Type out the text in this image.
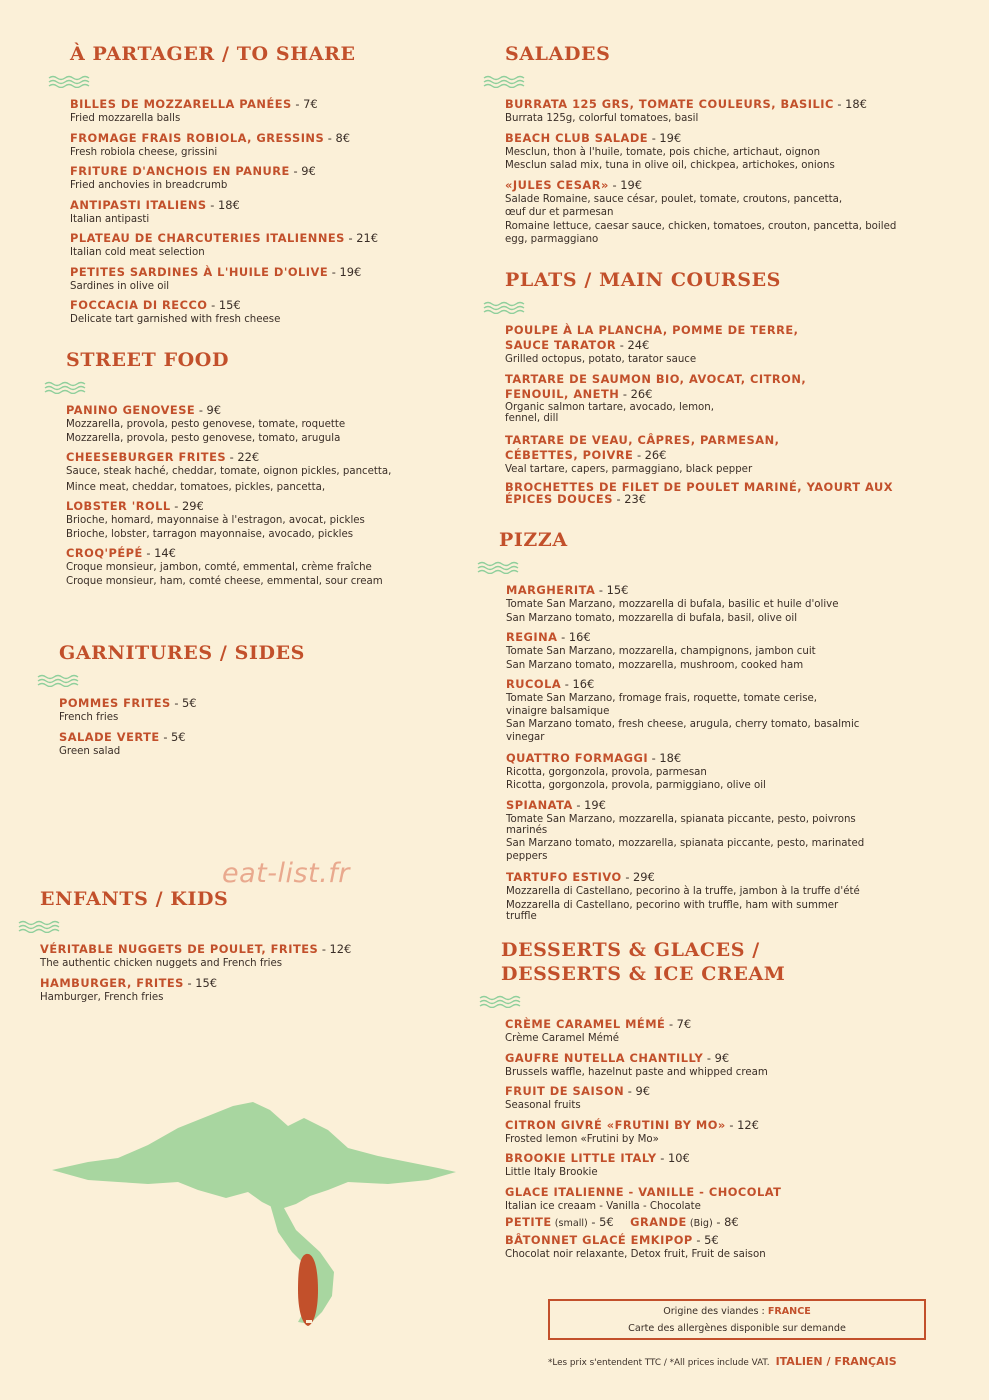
À PARTAGER / TO SHARE
BILLES DE MOZZARELLA PANÉES - 7€
Fried mozzarella balls
FROMAGE FRAIS ROBIOLA, GRESSINS - 8€
Fresh robiola cheese, grissini
FRITURE D'ANCHOIS EN PANURE - 9€
Fried anchovies in breadcrumb
ANTIPASTI ITALIENS - 18€
Italian antipasti
PLATEAU DE CHARCUTERIES ITALIENNES - 21€
Italian cold meat selection
PETITES SARDINES À L'HUILE D'OLIVE - 19€
Sardines in olive oil
FOCCACIA DI RECCO - 15€
Delicate tart garnished with fresh cheese
STREET FOOD
PANINO GENOVESE - 9€
Mozzarella, provola, pesto genovese, tomate, roquette
Mozzarella, provola, pesto genovese, tomato, arugula
CHEESEBURGER FRITES - 22€
Sauce, steak haché, cheddar, tomate, oignon pickles, pancetta,
Mince meat, cheddar, tomatoes, pickles, pancetta,
LOBSTER 'ROLL - 29€
Brioche, homard, mayonnaise à l'estragon, avocat, pickles
Brioche, lobster, tarragon mayonnaise, avocado, pickles
CROQ'PÉPÉ - 14€
Croque monsieur, jambon, comté, emmental, crème fraîche
Croque monsieur, ham, comté cheese, emmental, sour cream
GARNITURES / SIDES
POMMES FRITES - 5€
French fries
SALADE VERTE - 5€
Green salad
eat-list.fr
ENFANTS / KIDS
VÉRITABLE NUGGETS DE POULET, FRITES - 12€
The authentic chicken nuggets and French fries
HAMBURGER, FRITES - 15€
Hamburger, French fries
SALADES
BURRATA 125 GRS, TOMATE COULEURS, BASILIC - 18€
Burrata 125g, colorful tomatoes, basil
BEACH CLUB SALADE - 19€
Mesclun, thon à l'huile, tomate, pois chiche, artichaut, oignon
Mesclun salad mix, tuna in olive oil, chickpea, artichokes, onions
«JULES CESAR» - 19€
Salade Romaine, sauce césar, poulet, tomate, croutons, pancetta,
œuf dur et parmesan
Romaine lettuce, caesar sauce, chicken, tomatoes, crouton, pancetta, boiled
egg, parmaggiano
PLATS / MAIN COURSES
POULPE À LA PLANCHA, POMME DE TERRE,
SAUCE TARATOR - 24€
Grilled octopus, potato, tarator sauce
TARTARE DE SAUMON BIO, AVOCAT, CITRON,
FENOUIL, ANETH - 26€
Organic salmon tartare, avocado, lemon,
fennel, dill
TARTARE DE VEAU, CÂPRES, PARMESAN,
CÉBETTES, POIVRE - 26€
Veal tartare, capers, parmaggiano, black pepper
BROCHETTES DE FILET DE POULET MARINÉ, YAOURT AUX
ÉPICES DOUCES - 23€
PIZZA
MARGHERITA - 15€
Tomate San Marzano, mozzarella di bufala, basilic et huile d'olive
San Marzano tomato, mozzarella di bufala, basil, olive oil
REGINA - 16€
Tomate San Marzano, mozzarella, champignons, jambon cuit
San Marzano tomato, mozzarella, mushroom, cooked ham
RUCOLA - 16€
Tomate San Marzano, fromage frais, roquette, tomate cerise,
vinaigre balsamique
San Marzano tomato, fresh cheese, arugula, cherry tomato, basalmic
vinegar
QUATTRO FORMAGGI - 18€
Ricotta, gorgonzola, provola, parmesan
Ricotta, gorgonzola, provola, parmiggiano, olive oil
SPIANATA - 19€
Tomate San Marzano, mozzarella, spianata piccante, pesto, poivrons
marinés
San Marzano tomato, mozzarella, spianata piccante, pesto, marinated
peppers
TARTUFO ESTIVO - 29€
Mozzarella di Castellano, pecorino à la truffe, jambon à la truffe d'été
Mozzarella di Castellano, pecorino with truffle, ham with summer
truffle
DESSERTS & GLACES /
DESSERTS & ICE CREAM
CRÈME CARAMEL MÉMÉ - 7€
Crème Caramel Mémé
GAUFRE NUTELLA CHANTILLY - 9€
Brussels waffle, hazelnut paste and whipped cream
FRUIT DE SAISON - 9€
Seasonal fruits
CITRON GIVRÉ «FRUTINI BY MO» - 12€
Frosted lemon «Frutini by Mo»
BROOKIE LITTLE ITALY - 10€
Little Italy Brookie
GLACE ITALIENNE - VANILLE - CHOCOLAT
Italian ice creaam - Vanilla - Chocolate
PETITE (small) - 5€ GRANDE (Big) - 8€
BÂTONNET GLACÉ EMKIPOP - 5€
Chocolat noir relaxante, Detox fruit, Fruit de saison
Origine des viandes : FRANCE
Carte des allergènes disponible sur demande
*Les prix s'entendent TTC / *All prices include VAT. ITALIEN / FRANÇAIS
